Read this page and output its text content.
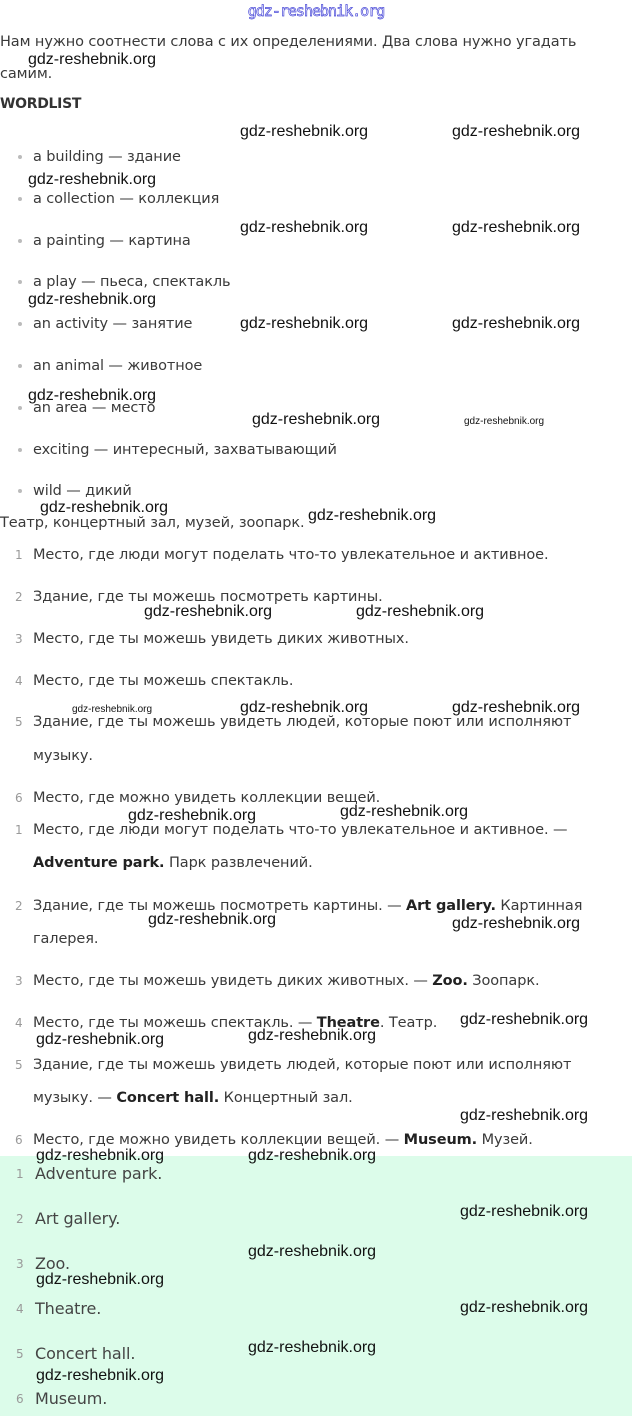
gdz-reshebnik.org
Нам нужно соотнести слова с их определениями. Два слова нужно угадать
самим.
WORDLIST
a building — здание
a collection — коллекция
a painting — картина
a play — пьеса, спектакль
an activity — занятие
an animal — животное
an area — место
exciting — интересный, захватывающий
wild — дикий
Театр, концертный зал, музей, зоопарк.
1 Место, где люди могут поделать что-то увлекательное и активное.
2 Здание, где ты можешь посмотреть картины.
3 Место, где ты можешь увидеть диких животных.
4 Место, где ты можешь спектакль.
5 Здание, где ты можешь увидеть людей, которые поют или исполняют
музыку.
6 Место, где можно увидеть коллекции вещей.
1 Место, где люди могут поделать что-то увлекательное и активное. —
Adventure park. Парк развлечений.
2 Здание, где ты можешь посмотреть картины. — Art gallery. Картинная
галерея.
3 Место, где ты можешь увидеть диких животных. — Zoo. Зоопарк.
4 Место, где ты можешь спектакль. — Theatre. Театр.
5 Здание, где ты можешь увидеть людей, которые поют или исполняют
музыку. — Concert hall. Концертный зал.
6 Место, где можно увидеть коллекции вещей. — Museum. Музей.
1 Adventure park.
2 Art gallery.
3 Zoo.
4 Theatre.
5 Concert hall.
6 Museum.
gdz-reshebnik.org
gdz-reshebnik.org	gdz-reshebnik.org
gdz-reshebnik.org
gdz-reshebnik.org	gdz-reshebnik.org
gdz-reshebnik.org
gdz-reshebnik.org	gdz-reshebnik.org
gdz-reshebnik.org
gdz-reshebnik.org	gdz-reshebnik.org
gdz-reshebnik.org	gdz-reshebnik.org
gdz-reshebnik.org	gdz-reshebnik.org
gdz-reshebnik.org	gdz-reshebnik.org	gdz-reshebnik.org
gdz-reshebnik.org	gdz-reshebnik.org
gdz-reshebnik.org	gdz-reshebnik.org
gdz-reshebnik.org
gdz-reshebnik.org	gdz-reshebnik.org
gdz-reshebnik.org
gdz-reshebnik.org	gdz-reshebnik.org
gdz-reshebnik.org
gdz-reshebnik.org
gdz-reshebnik.org
gdz-reshebnik.org
gdz-reshebnik.org
gdz-reshebnik.org
